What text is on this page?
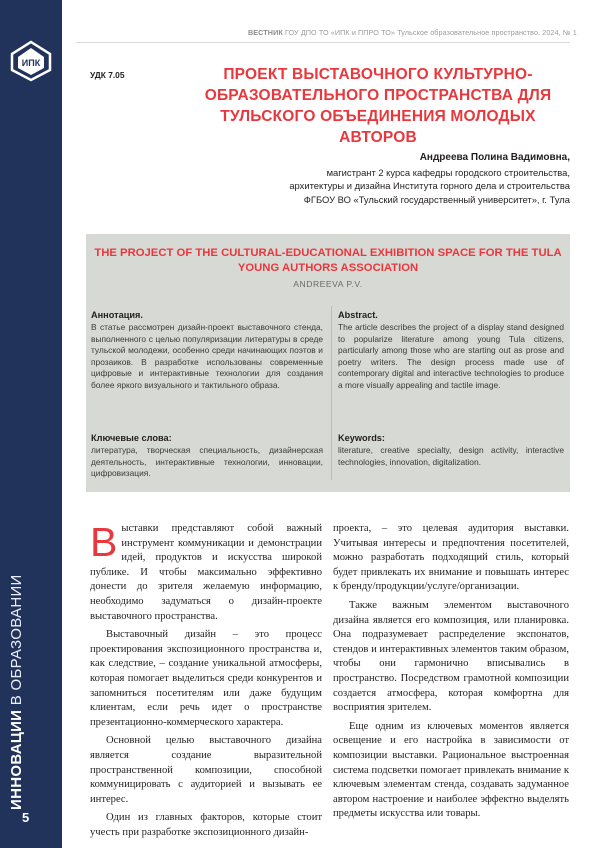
ИПК
ИННОВАЦИИ В ОБРАЗОВАНИИ
5
ВЕСТНИК ГОУ ДПО ТО «ИПК и ППРО ТО» Тульское образовательное пространство. 2024, № 1
УДК 7.05	ПРОЕКТ ВЫСТАВОЧНОГО КУЛЬТУРНО-ОБРАЗОВАТЕЛЬНОГО ПРОСТРАНСТВА ДЛЯ ТУЛЬСКОГО ОБЪЕДИНЕНИЯ МОЛОДЫХ АВТОРОВ
Андреева Полина Вадимовна,
магистрант 2 курса кафедры городского строительства,
архитектуры и дизайна Института горного дела и строительства
ФГБОУ ВО «Тульский государственный университет», г. Тула
THE PROJECT OF THE CULTURAL-EDUCATIONAL EXHIBITION SPACE FOR THE TULA YOUNG AUTHORS ASSOCIATION
ANDREEVA P.V.
Аннотация.
В статье рассмотрен дизайн-проект выставочного стенда, выполненного с целью популяризации литературы в среде тульской молодежи, особенно среди начинающих поэтов и прозаиков. В разработке использованы современные цифровые и интерактивные технологии для создания более яркого визуального и тактильного образа.
Abstract.
The article describes the project of a display stand designed to popularize literature among young Tula citizens, particularly among those who are starting out as prose and poetry writers. The design process made use of contemporary digital and interactive technologies to produce a more visually appealing and tactile image.
Ключевые слова:
литература, творческая специальность, дизайнерская деятельность, интерактивные технологии, инновации, цифровизация.
Keywords:
literature, creative specialty, design activity, interactive technologies, innovation, digitalization.

Выставки представляют собой важный инструмент коммуникации и демонстрации идей, продуктов и искусства широкой публике. И чтобы максимально эффективно донести до зрителя желаемую информацию, необходимо задуматься о дизайн-проекте выставочного пространства.

Выставочный дизайн – это процесс проектирования экспозиционного пространства и, как следствие, – создание уникальной атмосферы, которая помогает выделиться среди конкурентов и запомниться посетителям или даже будущим клиентам, если речь идет о пространстве презентационно-коммерческого характера.

Основной целью выставочного дизайна является создание выразительной пространственной композиции, способной коммуницировать с аудиторией и вызывать ее интерес.

Один из главных факторов, которые стоит учесть при разработке экспозиционного дизайн-

проекта, – это целевая аудитория выставки. Учитывая интересы и предпочтения посетителей, можно разработать подходящий стиль, который будет привлекать их внимание и повышать интерес к бренду/продукции/услуге/организации.

Также важным элементом выставочного дизайна является его композиция, или планировка. Она подразумевает распределение экспонатов, стендов и интерактивных элементов таким образом, чтобы они гармонично вписывались в пространство. Посредством грамотной композиции создается атмосфера, которая комфортна для восприятия зрителем.

Еще одним из ключевых моментов является освещение и его настройка в зависимости от композиции выставки. Рациональное выстроенная система подсветки помогает привлекать внимание к ключевым элементам стенда, создавать задуманное автором настроение и наиболее эффектно выделять предметы искусства или товары.
